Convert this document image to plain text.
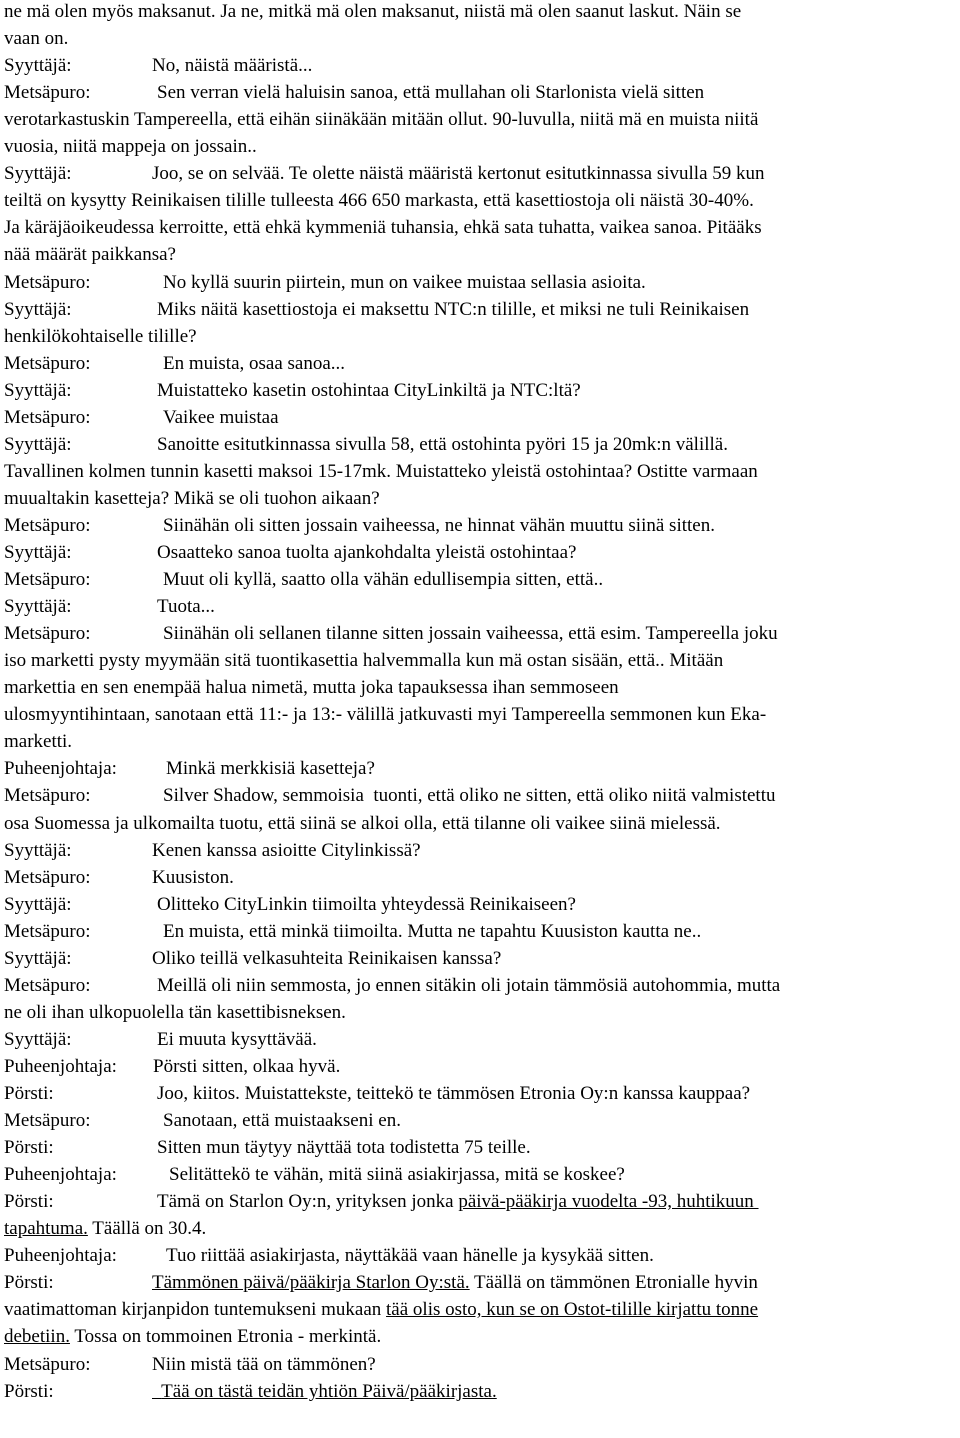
ne mä olen myös maksanut. Ja ne, mitkä mä olen maksanut, niistä mä olen saanut laskut. Näin se

vaan on.

Syyttäjä:	No, näistä määristä...

Metsäpuro:	Sen verran vielä haluisin sanoa, että mullahan oli Starlonista vielä sitten

verotarkastuskin Tampereella, että eihän siinäkään mitään ollut. 90-luvulla, niitä mä en muista niitä

vuosia, niitä mappeja on jossain..

Syyttäjä:	Joo, se on selvää. Te olette näistä määristä kertonut esitutkinnassa sivulla 59 kun

teiltä on kysytty Reinikaisen tilille tulleesta 466 650 markasta, että kasettiostoja oli näistä 30-40%.

Ja käräjäoikeudessa kerroitte, että ehkä kymmeniä tuhansia, ehkä sata tuhatta, vaikea sanoa. Pitääks

nää määrät paikkansa?

Metsäpuro:	No kyllä suurin piirtein, mun on vaikee muistaa sellasia asioita.

Syyttäjä:	Miks näitä kasettiostoja ei maksettu NTC:n tilille, et miksi ne tuli Reinikaisen

henkilökohtaiselle tilille?

Metsäpuro:	En muista, osaa sanoa...

Syyttäjä:	Muistatteko kasetin ostohintaa CityLinkiltä ja NTC:ltä?

Metsäpuro:	Vaikee muistaa

Syyttäjä:	Sanoitte esitutkinnassa sivulla 58, että ostohinta pyöri 15 ja 20mk:n välillä.

Tavallinen kolmen tunnin kasetti maksoi 15-17mk. Muistatteko yleistä ostohintaa? Ostitte varmaan

muualtakin kasetteja? Mikä se oli tuohon aikaan?

Metsäpuro:	Siinähän oli sitten jossain vaiheessa, ne hinnat vähän muuttu siinä sitten.

Syyttäjä:	Osaatteko sanoa tuolta ajankohdalta yleistä ostohintaa?

Metsäpuro:	Muut oli kyllä, saatto olla vähän edullisempia sitten, että..

Syyttäjä:	Tuota...

Metsäpuro:	Siinähän oli sellanen tilanne sitten jossain vaiheessa, että esim. Tampereella joku

iso marketti pysty myymään sitä tuontikasettia halvemmalla kun mä ostan sisään, että.. Mitään

markettia en sen enempää halua nimetä, mutta joka tapauksessa ihan semmoseen

ulosmyyntihintaan, sanotaan että 11:- ja 13:- välillä jatkuvasti myi Tampereella semmonen kun Eka-

marketti.

Puheenjohtaja:	Minkä merkkisiä kasetteja?

Metsäpuro:	Silver Shadow, semmoisia  tuonti, että oliko ne sitten, että oliko niitä valmistettu

osa Suomessa ja ulkomailta tuotu, että siinä se alkoi olla, että tilanne oli vaikee siinä mielessä.

Syyttäjä:	Kenen kanssa asioitte Citylinkissä?

Metsäpuro:	Kuusiston.

Syyttäjä:	Olitteko CityLinkin tiimoilta yhteydessä Reinikaiseen?

Metsäpuro:	En muista, että minkä tiimoilta. Mutta ne tapahtu Kuusiston kautta ne..

Syyttäjä:	Oliko teillä velkasuhteita Reinikaisen kanssa?

Metsäpuro:	Meillä oli niin semmosta, jo ennen sitäkin oli jotain tämmösiä autohommia, mutta

ne oli ihan ulkopuolella tän kasettibisneksen.

Syyttäjä:	Ei muuta kysyttävää.

Puheenjohtaja: Pörsti sitten, olkaa hyvä.

Pörsti:	Joo, kiitos. Muistattekste, teittekö te tämmösen Etronia Oy:n kanssa kauppaa?

Metsäpuro:	Sanotaan, että muistaakseni en.

Pörsti:	Sitten mun täytyy näyttää tota todistetta 75 teille.

Puheenjohtaja:	Selitättekö te vähän, mitä siinä asiakirjassa, mitä se koskee?

Pörsti:	Tämä on Starlon Oy:n, yrityksen jonka päivä-pääkirja vuodelta -93, huhtikuun

tapahtuma. Täällä on 30.4.

Puheenjohtaja:	Tuo riittää asiakirjasta, näyttäkää vaan hänelle ja kysykää sitten.

Pörsti:	Tämmönen päivä/pääkirja Starlon Oy:stä. Täällä on tämmönen Etronialle hyvin

vaatimattoman kirjanpidon tuntemukseni mukaan tää olis osto, kun se on Ostot-tilille kirjattu tonne

debetiin. Tossa on tommoinen Etronia - merkintä.

Metsäpuro:	Niin mistä tää on tämmönen?

Pörsti:	Tää on tästä teidän yhtiön Päivä/pääkirjasta.
